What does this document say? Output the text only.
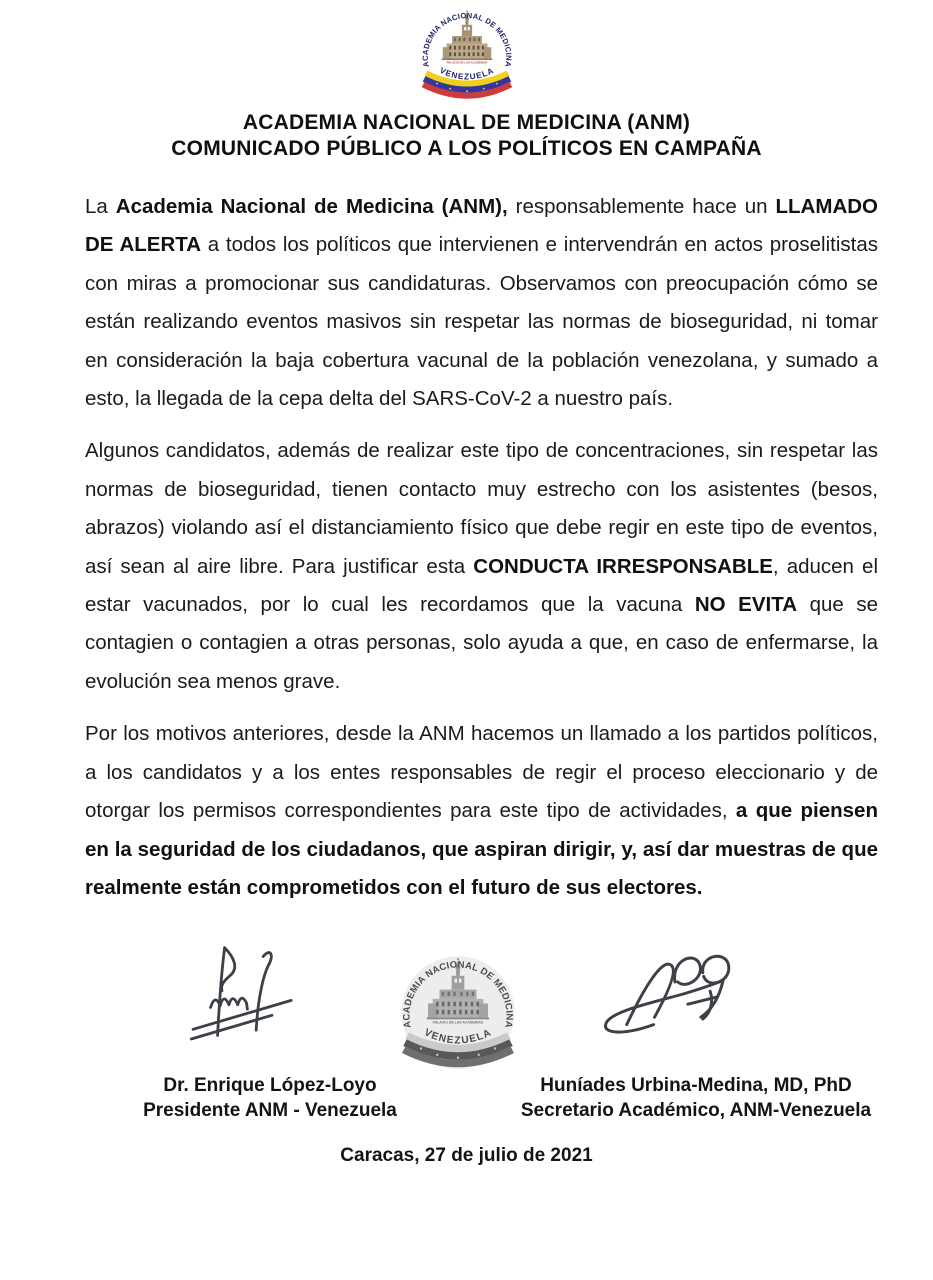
ACADEMIA NACIONAL DE MEDICINA (ANM)
COMUNICADO PÚBLICO A LOS POLÍTICOS EN CAMPAÑA

La Academia Nacional de Medicina (ANM), responsablemente hace un LLAMADO DE ALERTA a todos los políticos que intervienen e intervendrán en actos proselitistas con miras a promocionar sus candidaturas. Observamos con preocupación cómo se están realizando eventos masivos sin respetar las normas de bioseguridad, ni tomar en consideración la baja cobertura vacunal de la población venezolana, y sumado a esto, la llegada de la cepa delta del SARS-CoV-2 a nuestro país.

Algunos candidatos, además de realizar este tipo de concentraciones, sin respetar las normas de bioseguridad, tienen contacto muy estrecho con los asistentes (besos, abrazos) violando así el distanciamiento físico que debe regir en este tipo de eventos, así sean al aire libre. Para justificar esta CONDUCTA IRRESPONSABLE, aducen el estar vacunados, por lo cual les recordamos que la vacuna NO EVITA que se contagien o contagien a otras personas, solo ayuda a que, en caso de enfermarse, la evolución sea menos grave.

Por los motivos anteriores, desde la ANM hacemos un llamado a los partidos políticos, a los candidatos y a los entes responsables de regir el proceso eleccionario y de otorgar los permisos correspondientes para este tipo de actividades, a que piensen en la seguridad de los ciudadanos, que aspiran dirigir, y, así dar muestras de que realmente están comprometidos con el futuro de sus electores.

Dr. Enrique López-Loyo
Presidente ANM - Venezuela
Huníades Urbina-Medina, MD, PhD
Secretario Académico, ANM-Venezuela
Caracas, 27 de julio de 2021
